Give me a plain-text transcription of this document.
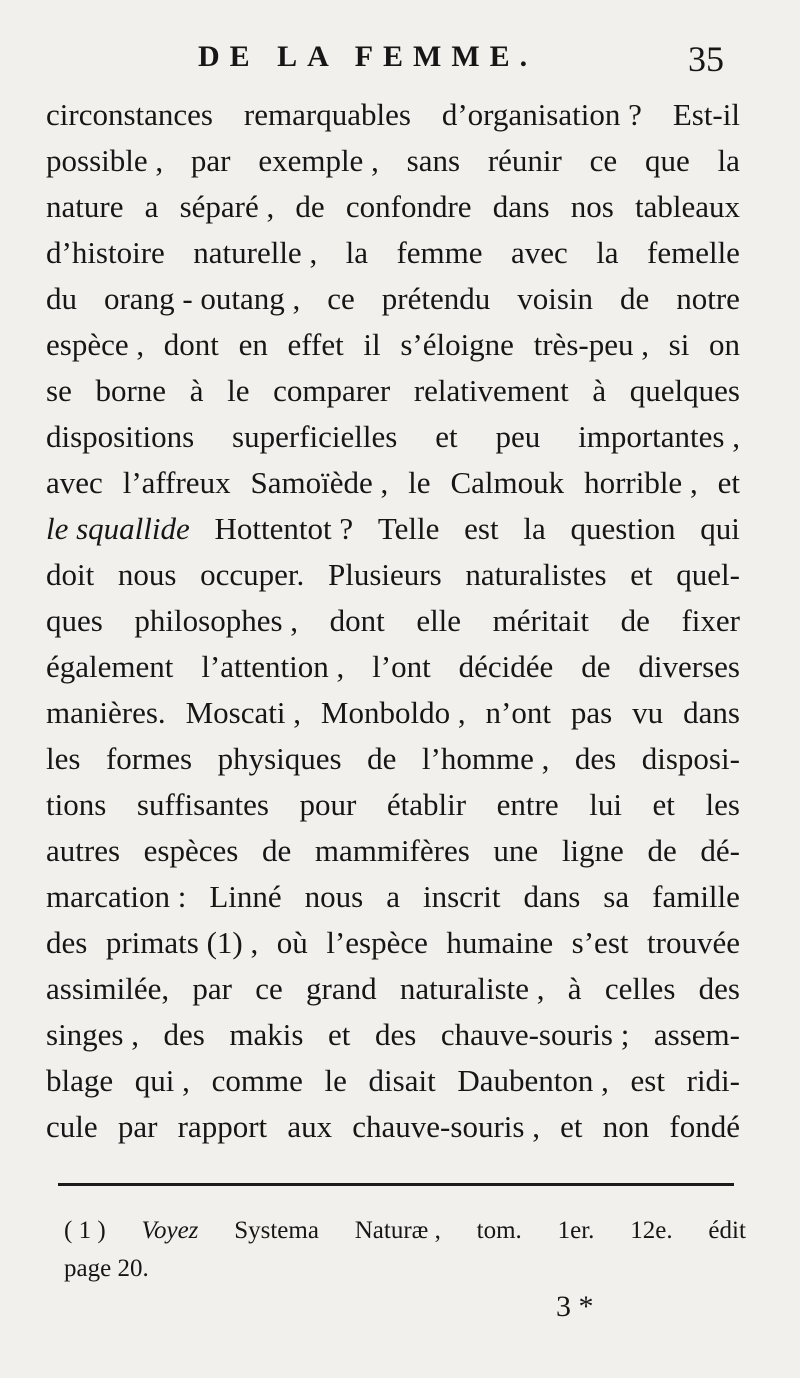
DE LA FEMME.	35
circonstances remarquables d’organisation ? Est-il
possible , par exemple , sans réunir ce que la
nature a séparé , de confondre dans nos tableaux
d’histoire naturelle , la femme avec la femelle
du orang - outang , ce prétendu voisin de notre
espèce , dont en effet il s’éloigne très-peu , si on
se borne à le comparer relativement à quelques
dispositions superficielles et peu importantes ,
avec l’affreux Samoïède , le Calmouk horrible , et
le squallide Hottentot ? Telle est la question qui
doit nous occuper. Plusieurs naturalistes et quel-
ques philosophes , dont elle méritait de fixer
également l’attention , l’ont décidée de diverses
manières. Moscati , Monboldo , n’ont pas vu dans
les formes physiques de l’homme , des disposi-
tions suffisantes pour établir entre lui et les
autres espèces de mammifères une ligne de dé-
marcation : Linné nous a inscrit dans sa famille
des primats (1) , où l’espèce humaine s’est trouvée
assimilée, par ce grand naturaliste , à celles des
singes , des makis et des chauve-souris ; assem-
blage qui , comme le disait Daubenton , est ridi-
cule par rapport aux chauve-souris , et non fondé
( 1 ) Voyez Systema Naturæ , tom. 1er. 12e. édit
page 20.
3 *
